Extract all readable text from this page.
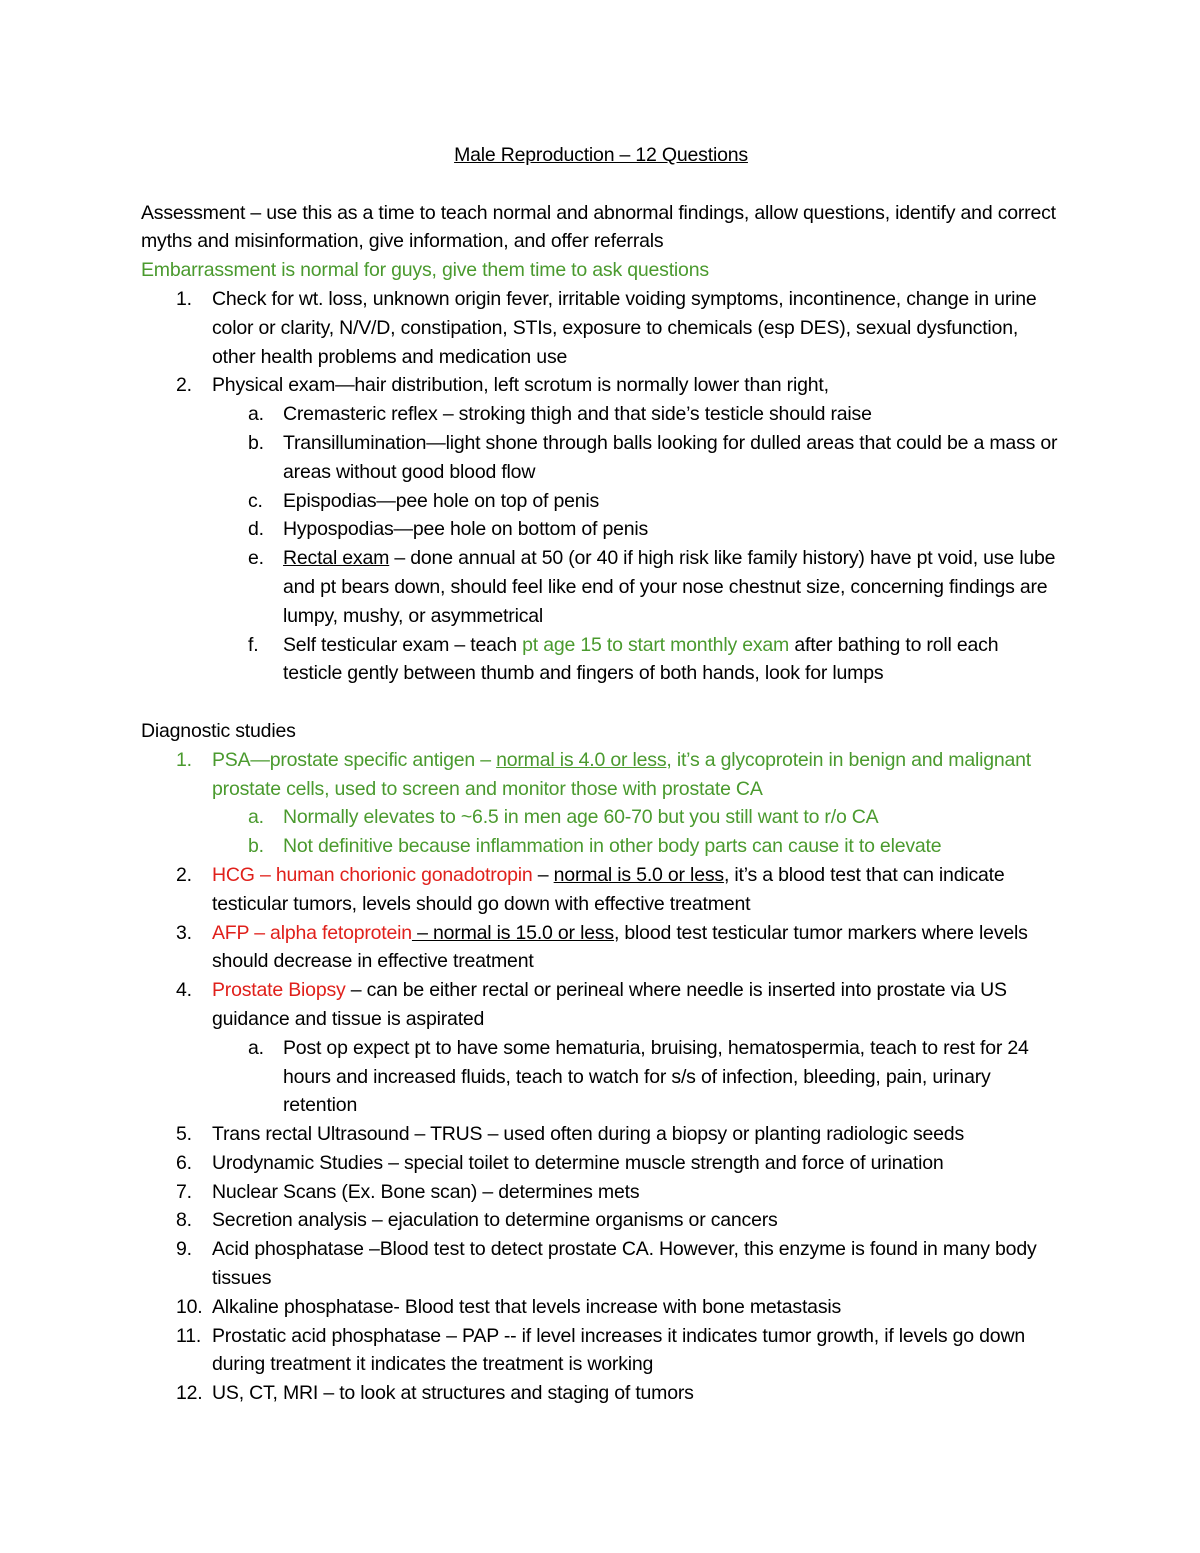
Male Reproduction – 12 Questions

Assessment – use this as a time to teach normal and abnormal findings, allow questions, identify and correct myths and misinformation, give information, and offer referrals

Embarrassment is normal for guys, give them time to ask questions

1. Check for wt. loss, unknown origin fever, irritable voiding symptoms, incontinence, change in urine color or clarity, N/V/D, constipation, STIs, exposure to chemicals (esp DES), sexual dysfunction, other health problems and medication use
2. Physical exam—hair distribution, left scrotum is normally lower than right,
a. Cremasteric reflex – stroking thigh and that side’s testicle should raise
b. Transillumination—light shone through balls looking for dulled areas that could be a mass or areas without good blood flow
c. Epispodias—pee hole on top of penis
d. Hypospodias—pee hole on bottom of penis
e. Rectal exam – done annual at 50 (or 40 if high risk like family history) have pt void, use lube and pt bears down, should feel like end of your nose chestnut size, concerning findings are lumpy, mushy, or asymmetrical
f. Self testicular exam – teach pt age 15 to start monthly exam after bathing to roll each testicle gently between thumb and fingers of both hands, look for lumps

Diagnostic studies

1. PSA—prostate specific antigen – normal is 4.0 or less, it’s a glycoprotein in benign and malignant prostate cells, used to screen and monitor those with prostate CA
a. Normally elevates to ~6.5 in men age 60-70 but you still want to r/o CA
b. Not definitive because inflammation in other body parts can cause it to elevate
2. HCG – human chorionic gonadotropin – normal is 5.0 or less, it’s a blood test that can indicate testicular tumors, levels should go down with effective treatment
3. AFP – alpha fetoprotein – normal is 15.0 or less, blood test testicular tumor markers where levels should decrease in effective treatment
4. Prostate Biopsy – can be either rectal or perineal where needle is inserted into prostate via US guidance and tissue is aspirated
a. Post op expect pt to have some hematuria, bruising, hematospermia, teach to rest for 24 hours and increased fluids, teach to watch for s/s of infection, bleeding, pain, urinary retention
5. Trans rectal Ultrasound – TRUS – used often during a biopsy or planting radiologic seeds
6. Urodynamic Studies – special toilet to determine muscle strength and force of urination
7. Nuclear Scans (Ex. Bone scan) – determines mets
8. Secretion analysis – ejaculation to determine organisms or cancers
9. Acid phosphatase –Blood test to detect prostate CA. However, this enzyme is found in many body tissues
10. Alkaline phosphatase- Blood test that levels increase with bone metastasis
11. Prostatic acid phosphatase – PAP -- if level increases it indicates tumor growth, if levels go down during treatment it indicates the treatment is working
12. US, CT, MRI – to look at structures and staging of tumors
